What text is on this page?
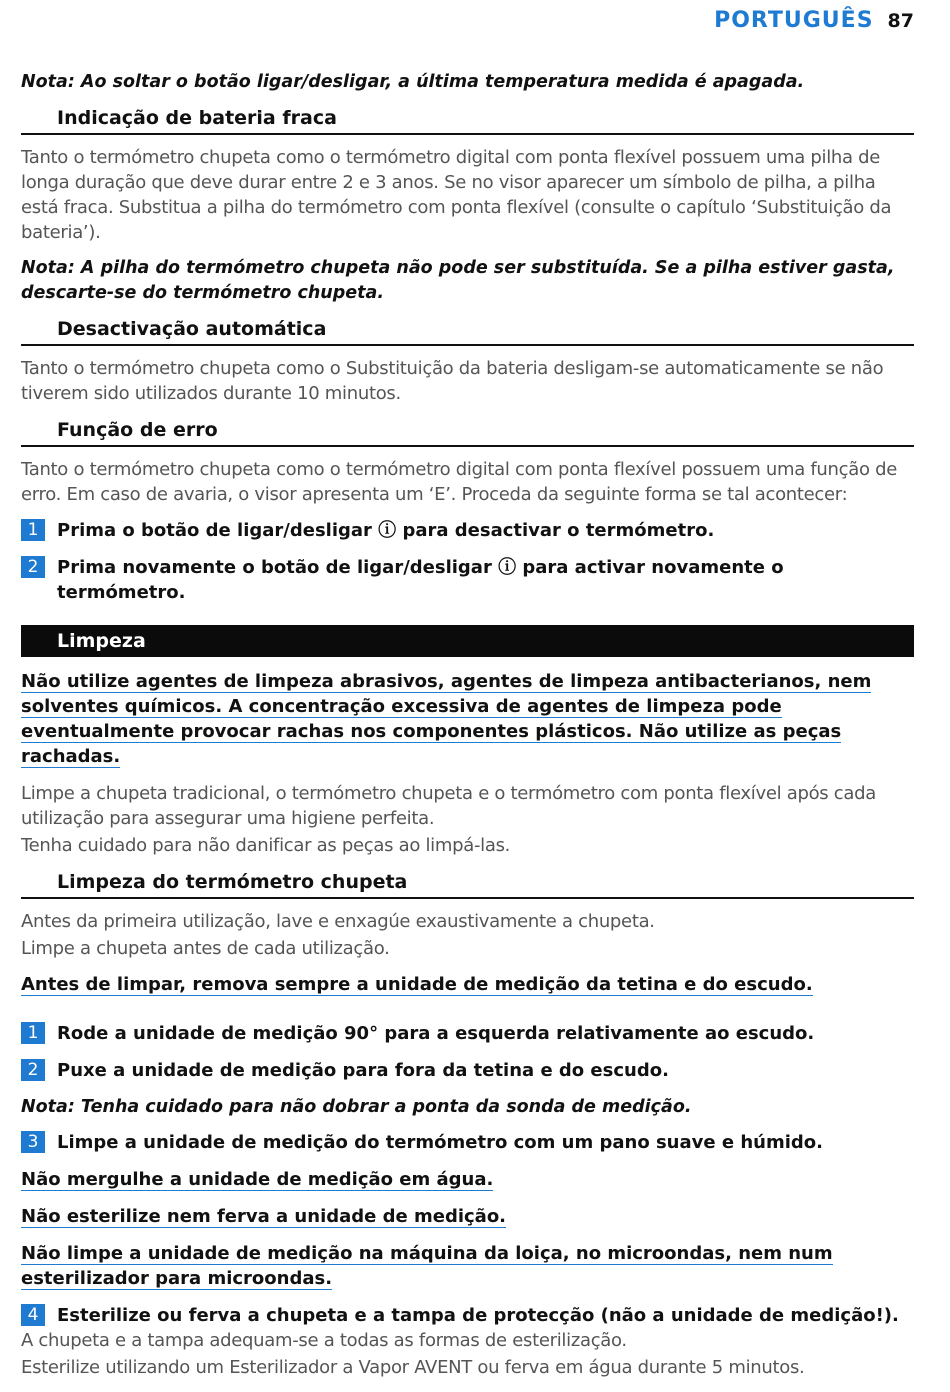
PORTUGUÊS 87

Nota: Ao soltar o botão ligar/desligar, a última temperatura medida é apagada.

Indicação de bateria fraca

Tanto o termómetro chupeta como o termómetro digital com ponta flexível possuem uma pilha de longa duração que deve durar entre 2 e 3 anos. Se no visor aparecer um símbolo de pilha, a pilha está fraca. Substitua a pilha do termómetro com ponta flexível (consulte o capítulo ‘Substituição da bateria’).

Nota: A pilha do termómetro chupeta não pode ser substituída. Se a pilha estiver gasta, descarte-se do termómetro chupeta.

Desactivação automática

Tanto o termómetro chupeta como o Substituição da bateria desligam-se automaticamente se não tiverem sido utilizados durante 10 minutos.

Função de erro

Tanto o termómetro chupeta como o termómetro digital com ponta flexível possuem uma função de erro. Em caso de avaria, o visor apresenta um ‘E’. Proceda da seguinte forma se tal acontecer:

1	Prima o botão de ligar/desligar ⓘ para desactivar o termómetro.
2	Prima novamente o botão de ligar/desligar ⓘ para activar novamente o termómetro.
Limpeza

Não utilize agentes de limpeza abrasivos, agentes de limpeza antibacterianos, nem solventes químicos. A concentração excessiva de agentes de limpeza pode eventualmente provocar rachas nos componentes plásticos. Não utilize as peças rachadas.

Limpe a chupeta tradicional, o termómetro chupeta e o termómetro com ponta flexível após cada utilização para assegurar uma higiene perfeita.

Tenha cuidado para não danificar as peças ao limpá-las.

Limpeza do termómetro chupeta

Antes da primeira utilização, lave e enxagúe exaustivamente a chupeta.

Limpe a chupeta antes de cada utilização.

Antes de limpar, remova sempre a unidade de medição da tetina e do escudo.

1	Rode a unidade de medição 90° para a esquerda relativamente ao escudo.
2	Puxe a unidade de medição para fora da tetina e do escudo.

Nota: Tenha cuidado para não dobrar a ponta da sonda de medição.

3	Limpe a unidade de medição do termómetro com um pano suave e húmido.

Não mergulhe a unidade de medição em água.

Não esterilize nem ferva a unidade de medição.

Não limpe a unidade de medição na máquina da loiça, no microondas, nem num esterilizador para microondas.

4	Esterilize ou ferva a chupeta e a tampa de protecção (não a unidade de medição!).

A chupeta e a tampa adequam-se a todas as formas de esterilização.

Esterilize utilizando um Esterilizador a Vapor AVENT ou ferva em água durante 5 minutos.
